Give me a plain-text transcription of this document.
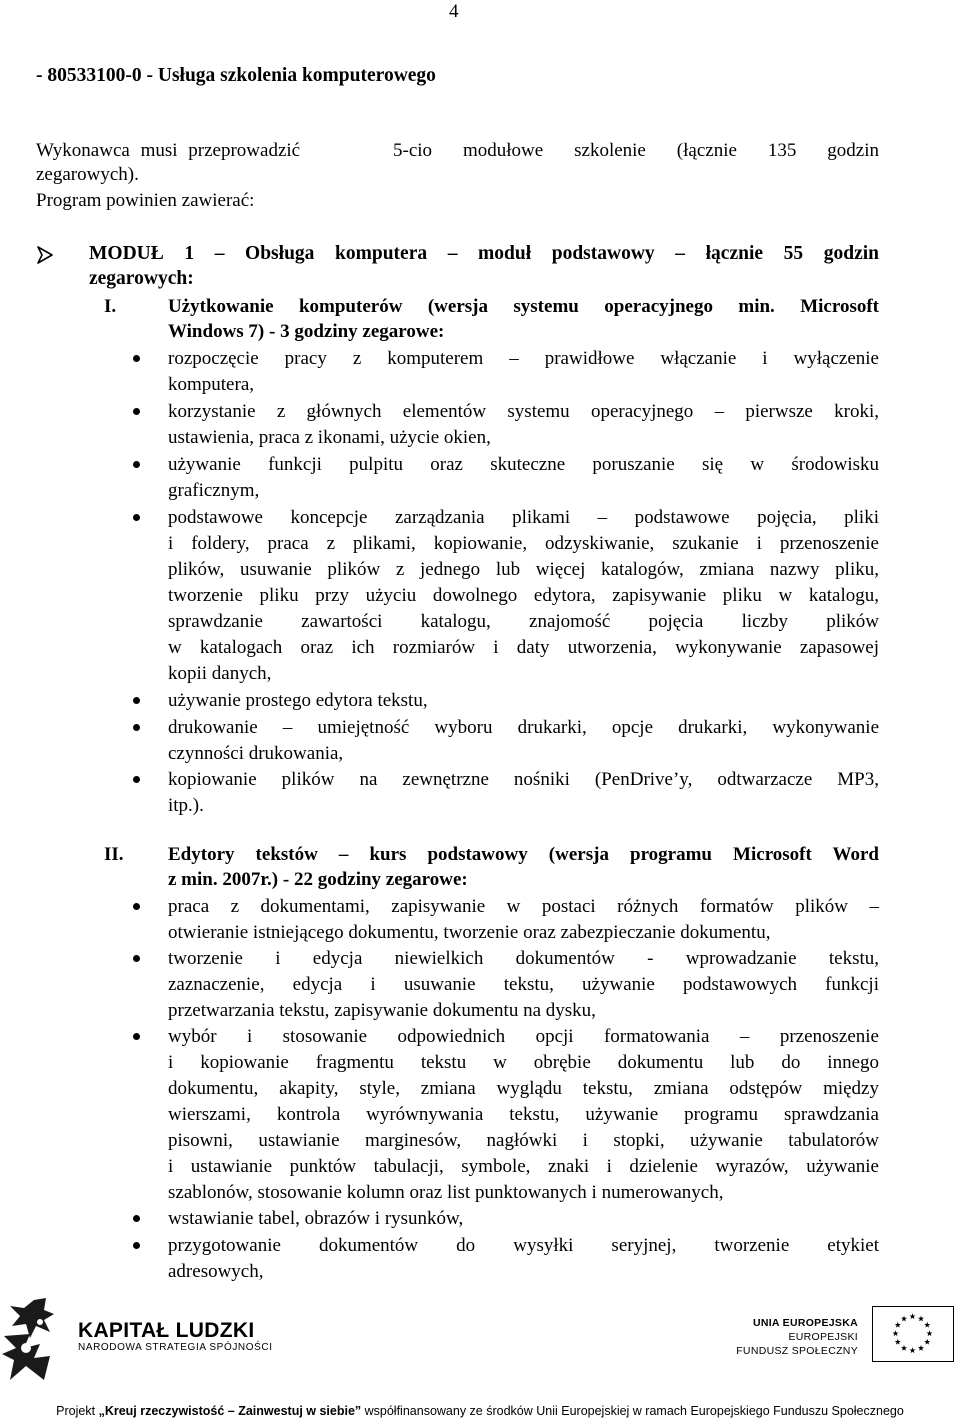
4
- 80533100-0 - Usługa szkolenia komputerowego
Wykonawca musi przeprowadzić	5-cio modułowe szkolenie (łącznie 135 godzin
zegarowych).
Program powinien zawierać:
MODUŁ 1 – Obsługa komputera – moduł podstawowy – łącznie 55 godzin
zegarowych:
I.	Użytkowanie komputerów (wersja systemu operacyjnego min. Microsoft
Windows 7) - 3 godziny zegarowe:
rozpoczęcie pracy z komputerem – prawidłowe włączanie i wyłączenie
komputera,
korzystanie z głównych elementów systemu operacyjnego – pierwsze kroki,
ustawienia, praca z ikonami, użycie okien,
używanie funkcji pulpitu oraz skuteczne poruszanie się w środowisku
graficznym,
podstawowe koncepcje zarządzania plikami – podstawowe pojęcia, pliki
i foldery, praca z plikami, kopiowanie, odzyskiwanie, szukanie i przenoszenie
plików, usuwanie plików z jednego lub więcej katalogów, zmiana nazwy pliku,
tworzenie pliku przy użyciu dowolnego edytora, zapisywanie pliku w katalogu,
sprawdzanie zawartości katalogu, znajomość pojęcia liczby plików
w katalogach oraz ich rozmiarów i daty utworzenia, wykonywanie zapasowej
kopii danych,
używanie prostego edytora tekstu,
drukowanie – umiejętność wyboru drukarki, opcje drukarki, wykonywanie
czynności drukowania,
kopiowanie plików na zewnętrzne nośniki (PenDrive’y, odtwarzacze MP3,
itp.).
II. Edytory tekstów – kurs podstawowy (wersja programu Microsoft Word
z min. 2007r.) - 22 godziny zegarowe:
praca z dokumentami, zapisywanie w postaci różnych formatów plików –
otwieranie istniejącego dokumentu, tworzenie oraz zabezpieczanie dokumentu,
tworzenie i edycja niewielkich dokumentów - wprowadzanie tekstu,
zaznaczenie, edycja i usuwanie tekstu, używanie podstawowych funkcji
przetwarzania tekstu, zapisywanie dokumentu na dysku,
wybór i stosowanie odpowiednich opcji formatowania – przenoszenie
i kopiowanie fragmentu tekstu w obrębie dokumentu lub do innego
dokumentu, akapity, style, zmiana wyglądu tekstu, zmiana odstępów między
wierszami, kontrola wyrównywania tekstu, używanie programu sprawdzania
pisowni, ustawianie marginesów, nagłówki i stopki, używanie tabulatorów
i ustawianie punktów tabulacji, symbole, znaki i dzielenie wyrazów, używanie
szablonów, stosowanie kolumn oraz list punktowanych i numerowanych,
wstawianie tabel, obrazów i rysunków,
przygotowanie dokumentów do wysyłki seryjnej, tworzenie etykiet
adresowych,
KAPITAŁ LUDZKI
NARODOWA STRATEGIA SPÓJNOŚCI
UNIA EUROPEJSKA
EUROPEJSKI
FUNDUSZ SPOŁECZNY
Projekt „Kreuj rzeczywistość – Zainwestuj w siebie” współfinansowany ze środków Unii Europejskiej w ramach Europejskiego Funduszu Społecznego
